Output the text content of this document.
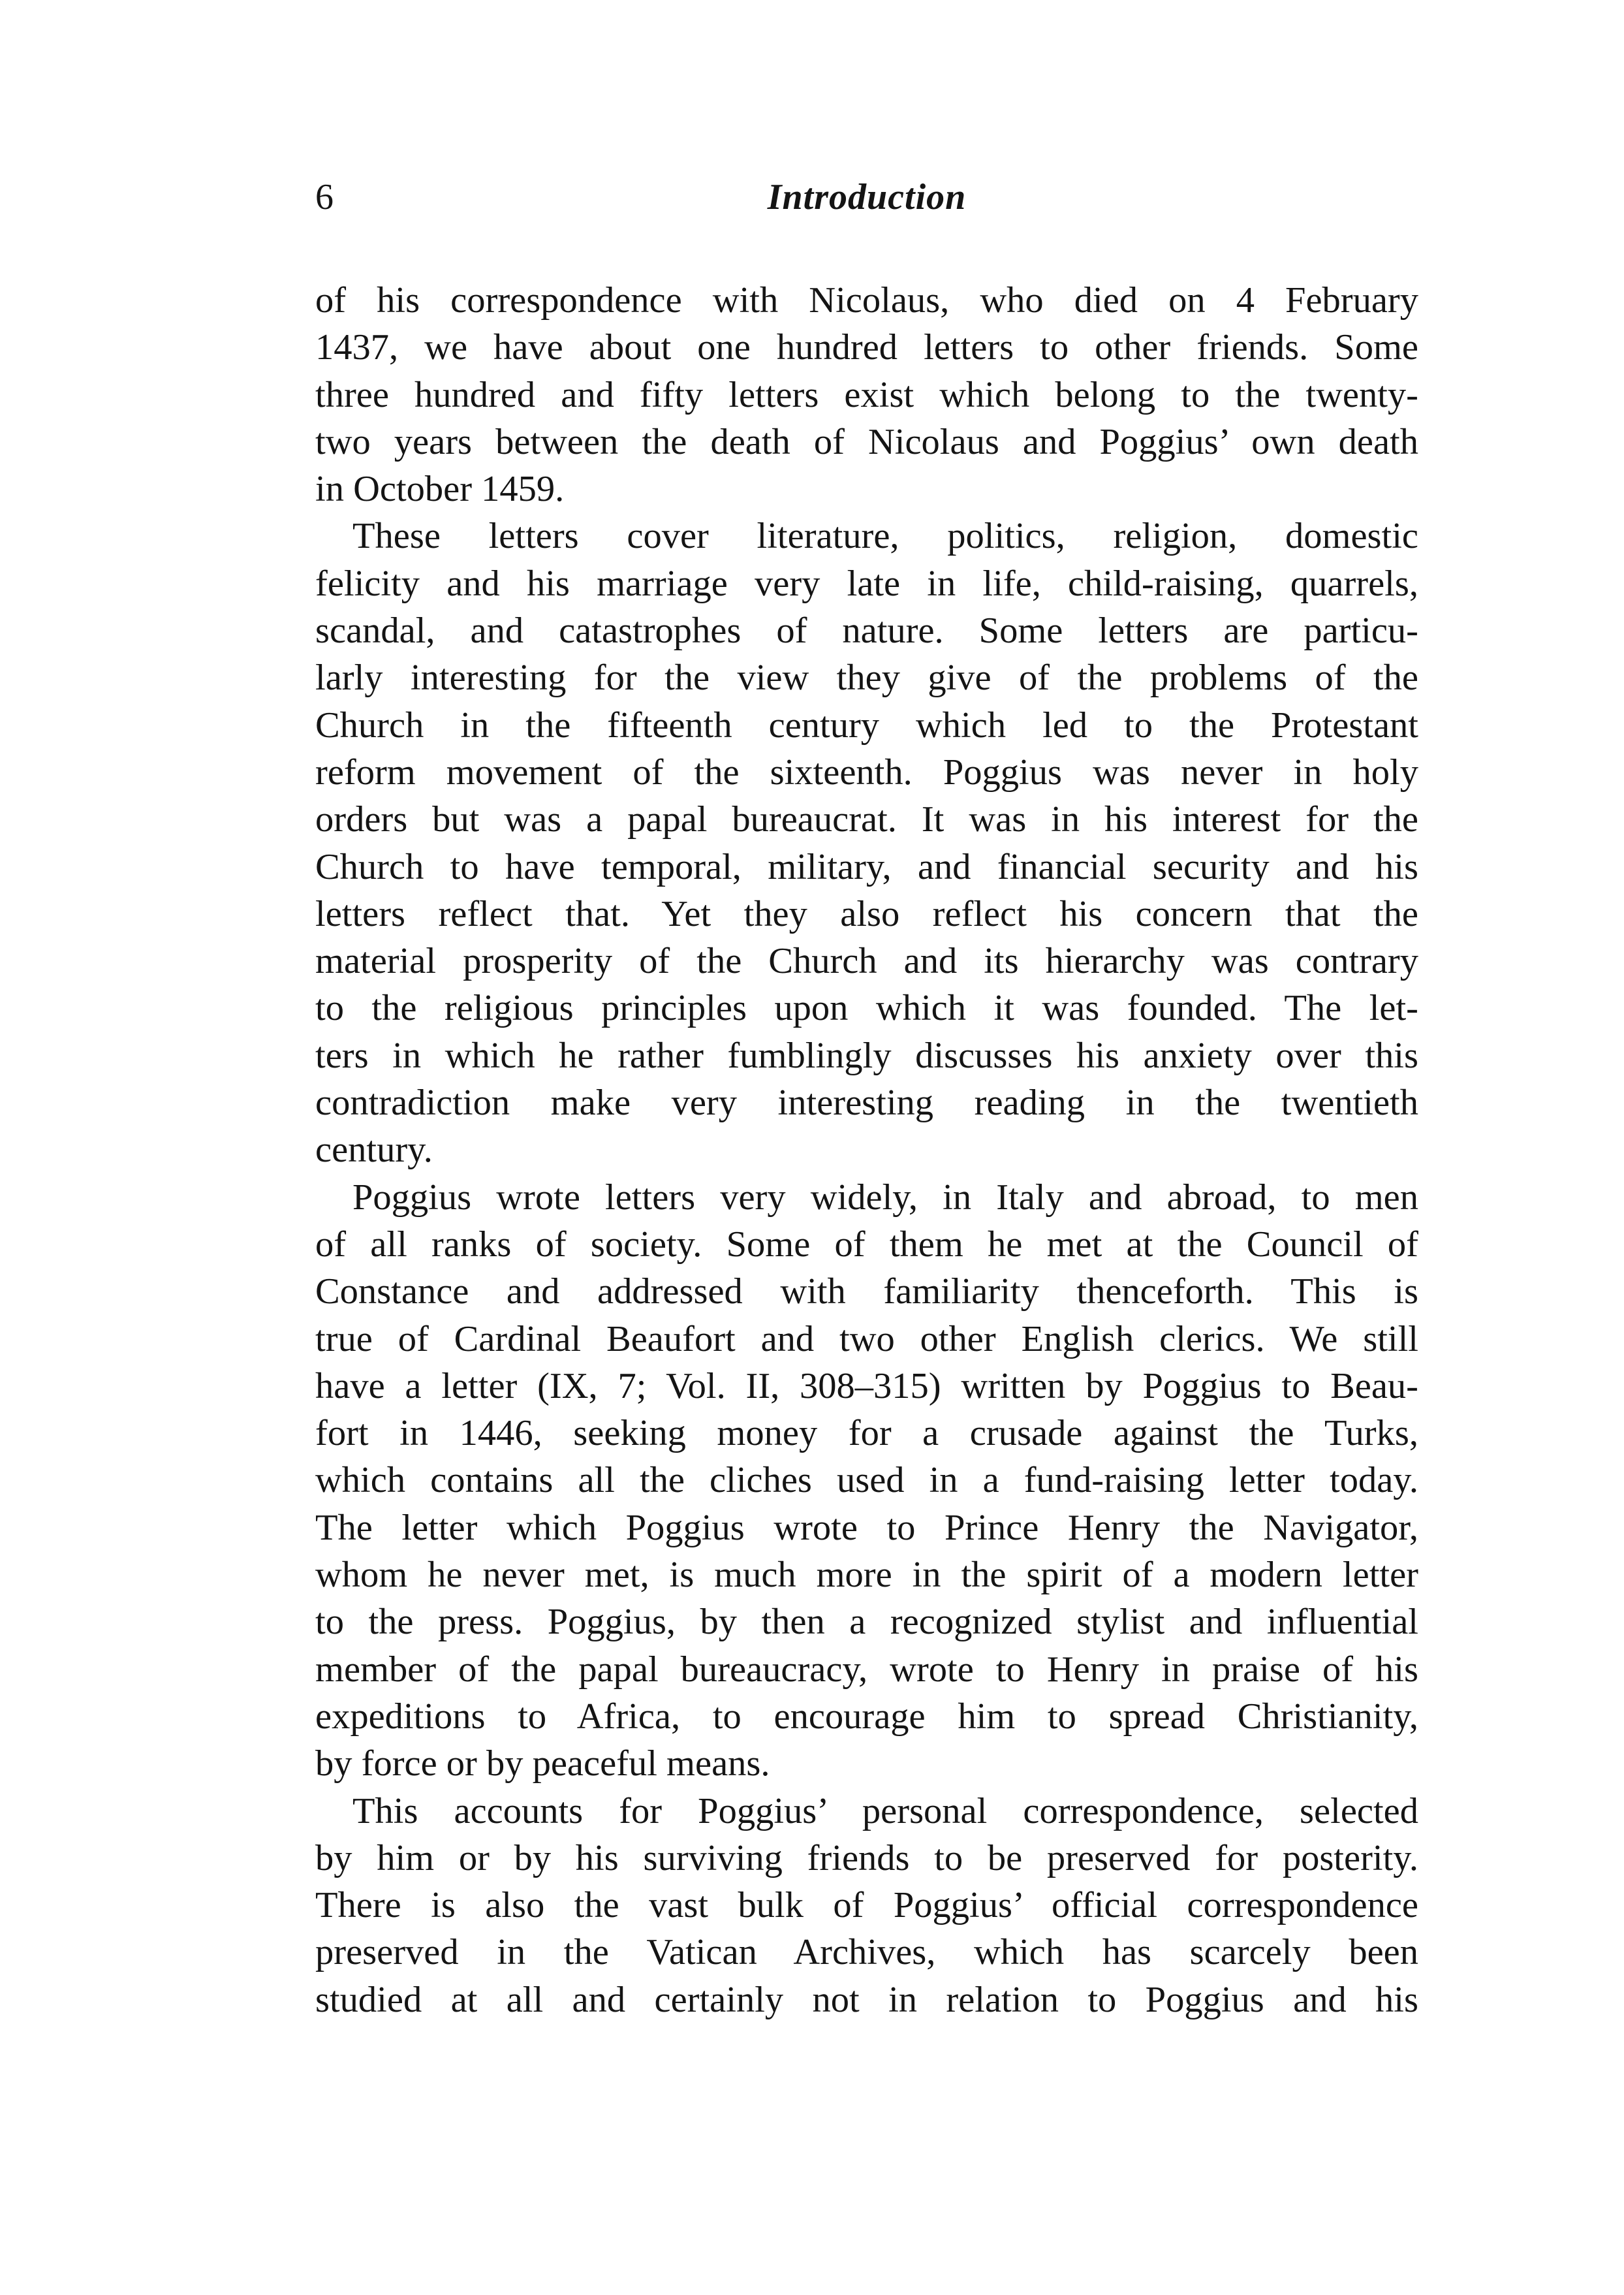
6	Introduction
of his correspondence with Nicolaus, who died on 4 February
1437, we have about one hundred letters to other friends. Some
three hundred and fifty letters exist which belong to the twenty-
two years between the death of Nicolaus and Poggius’ own death
in October 1459.
These letters cover literature, politics, religion, domestic
felicity and his marriage very late in life, child-raising, quarrels,
scandal, and catastrophes of nature. Some letters are particu-
larly interesting for the view they give of the problems of the
Church in the fifteenth century which led to the Protestant
reform movement of the sixteenth. Poggius was never in holy
orders but was a papal bureaucrat. It was in his interest for the
Church to have temporal, military, and financial security and his
letters reflect that. Yet they also reflect his concern that the
material prosperity of the Church and its hierarchy was contrary
to the religious principles upon which it was founded. The let-
ters in which he rather fumblingly discusses his anxiety over this
contradiction make very interesting reading in the twentieth
century.
Poggius wrote letters very widely, in Italy and abroad, to men
of all ranks of society. Some of them he met at the Council of
Constance and addressed with familiarity thenceforth. This is
true of Cardinal Beaufort and two other English clerics. We still
have a letter (IX, 7; Vol. II, 308–315) written by Poggius to Beau-
fort in 1446, seeking money for a crusade against the Turks,
which contains all the cliches used in a fund-raising letter today.
The letter which Poggius wrote to Prince Henry the Navigator,
whom he never met, is much more in the spirit of a modern letter
to the press. Poggius, by then a recognized stylist and influential
member of the papal bureaucracy, wrote to Henry in praise of his
expeditions to Africa, to encourage him to spread Christianity,
by force or by peaceful means.
This accounts for Poggius’ personal correspondence, selected
by him or by his surviving friends to be preserved for posterity.
There is also the vast bulk of Poggius’ official correspondence
preserved in the Vatican Archives, which has scarcely been
studied at all and certainly not in relation to Poggius and his
